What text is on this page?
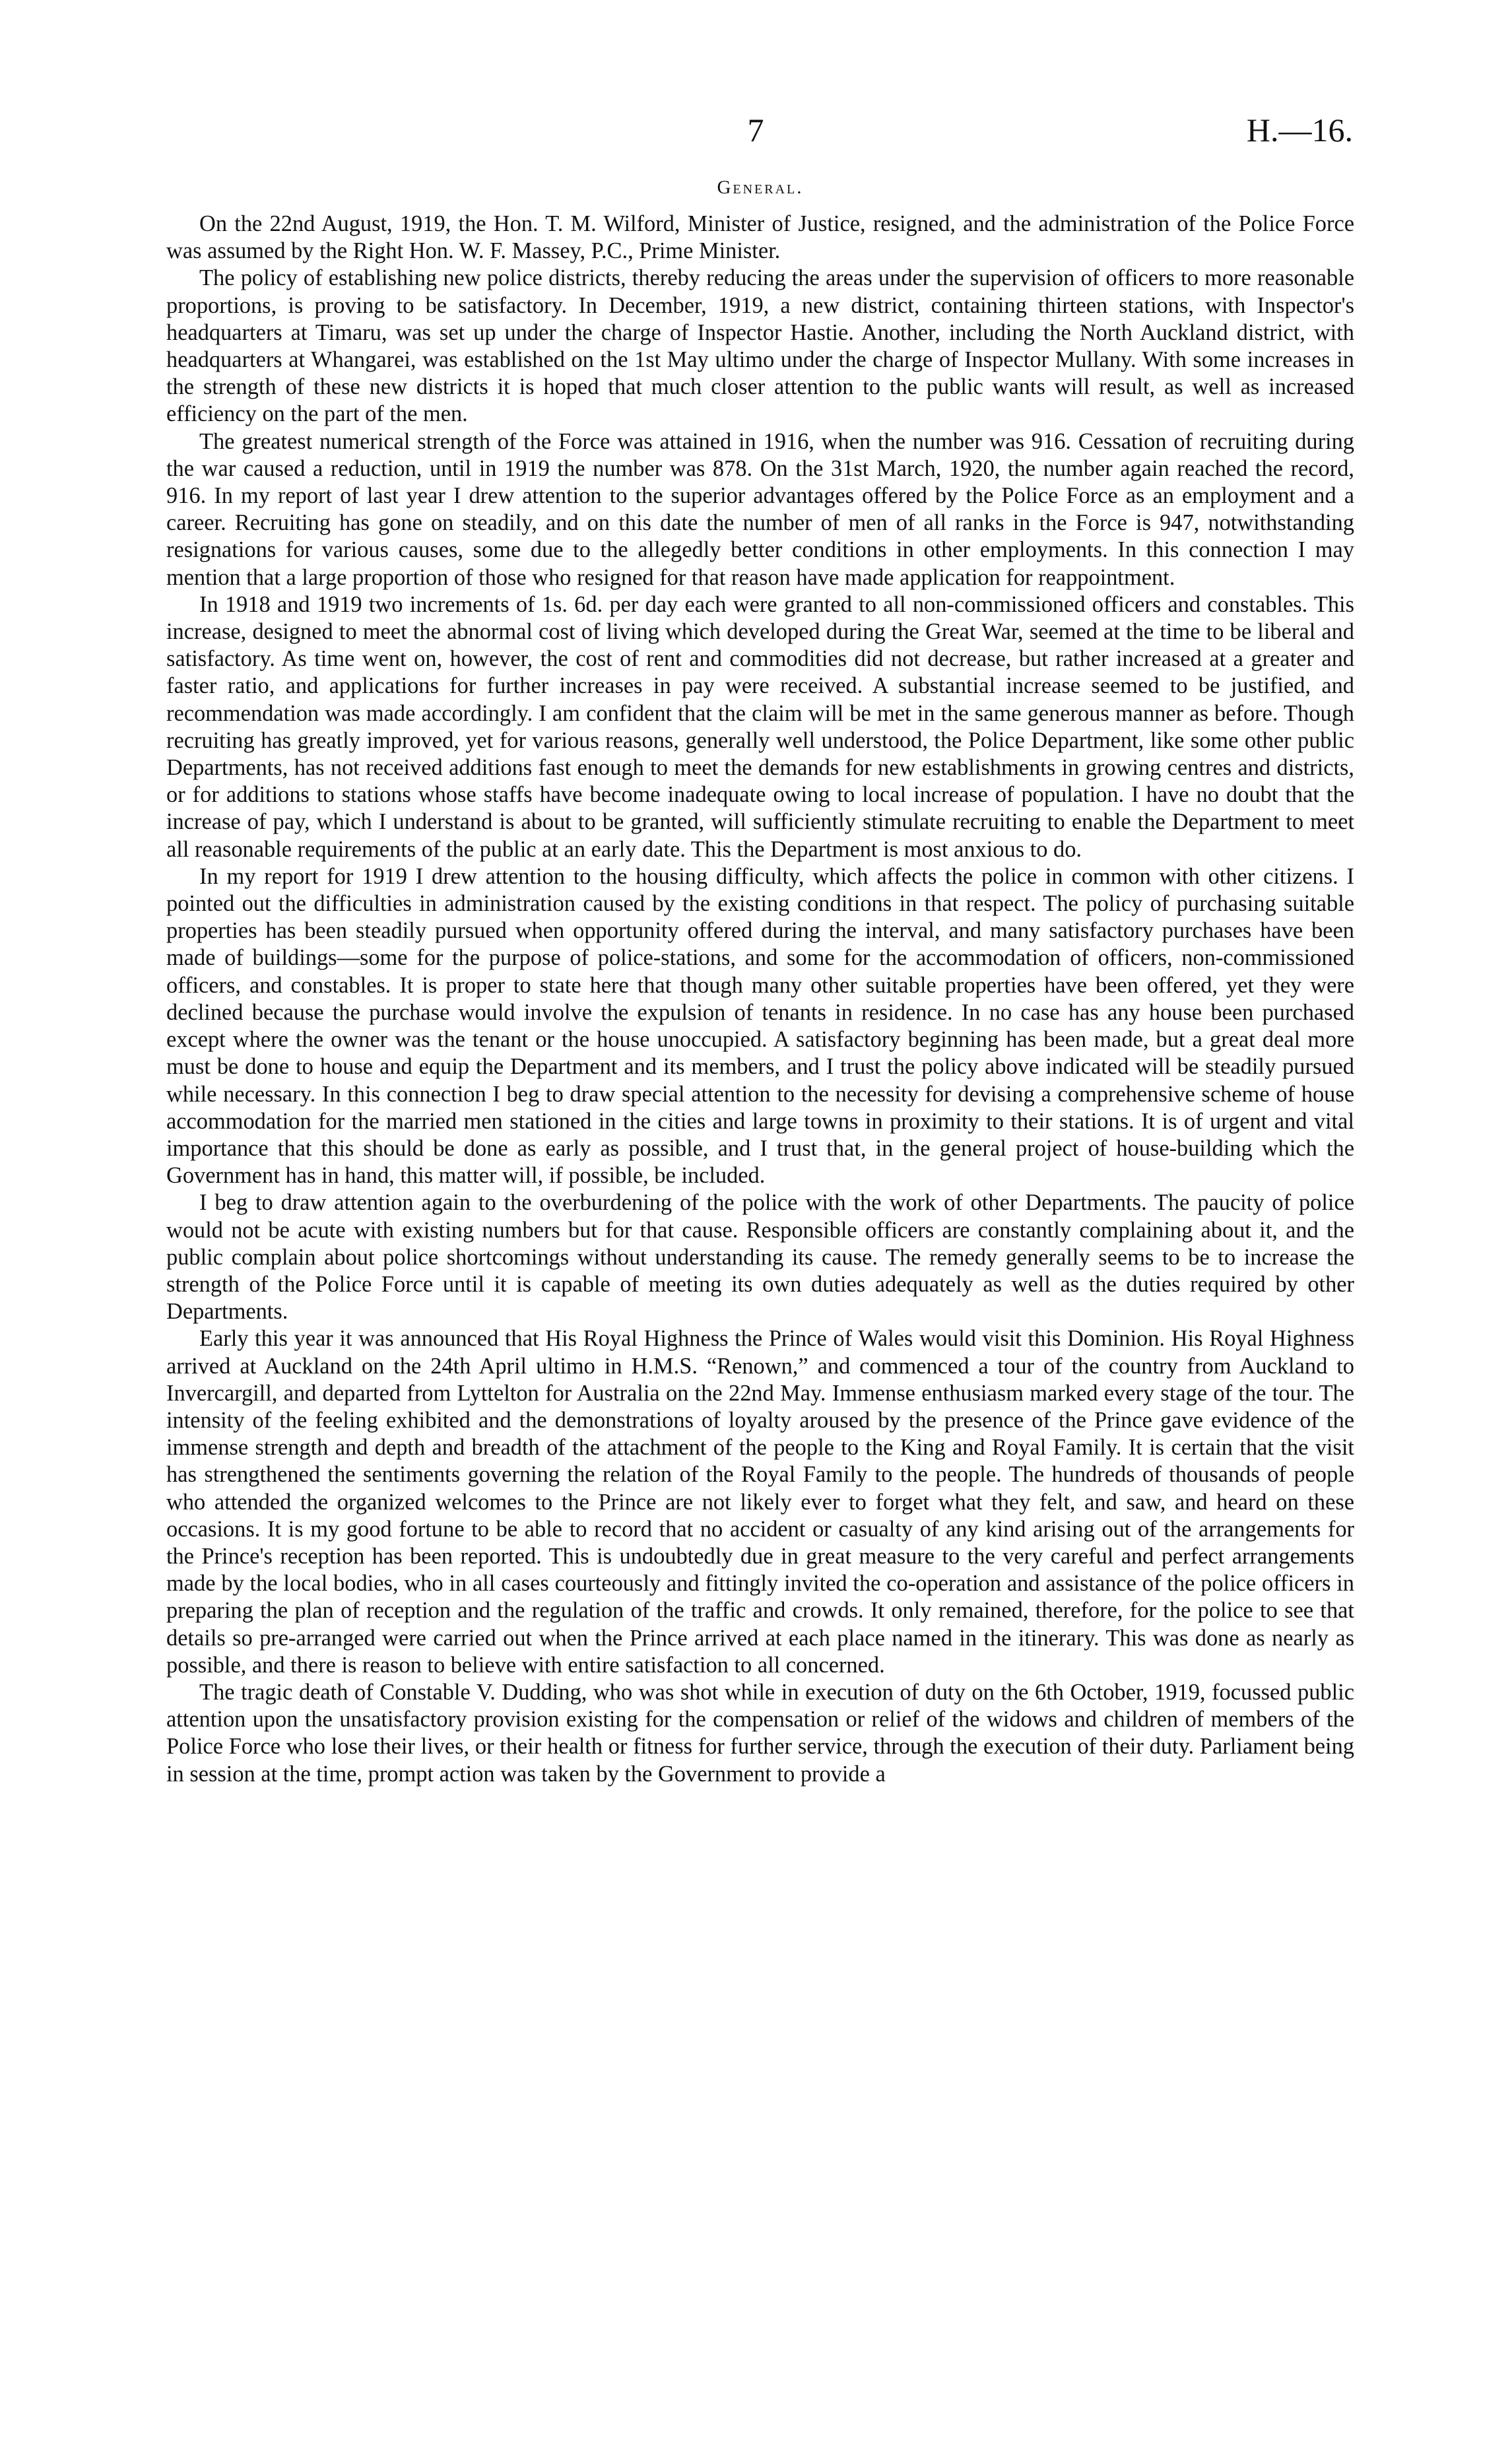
7	H.—16.
General.

On the 22nd August, 1919, the Hon. T. M. Wilford, Minister of Justice, resigned, and the administration of the Police Force was assumed by the Right Hon. W. F. Massey, P.C., Prime Minister.

The policy of establishing new police districts, thereby reducing the areas under the supervision of officers to more reasonable proportions, is proving to be satisfactory. In December, 1919, a new district, containing thirteen stations, with Inspector's headquarters at Timaru, was set up under the charge of Inspector Hastie. Another, including the North Auckland district, with headquarters at Whangarei, was established on the 1st May ultimo under the charge of Inspector Mullany. With some increases in the strength of these new districts it is hoped that much closer attention to the public wants will result, as well as increased efficiency on the part of the men.

The greatest numerical strength of the Force was attained in 1916, when the number was 916. Cessation of recruiting during the war caused a reduction, until in 1919 the number was 878. On the 31st March, 1920, the number again reached the record, 916. In my report of last year I drew attention to the superior advantages offered by the Police Force as an employment and a career. Recruiting has gone on steadily, and on this date the number of men of all ranks in the Force is 947, notwithstanding resignations for various causes, some due to the allegedly better conditions in other employments. In this connection I may mention that a large proportion of those who resigned for that reason have made application for reappointment.

In 1918 and 1919 two increments of 1s. 6d. per day each were granted to all non-commissioned officers and constables. This increase, designed to meet the abnormal cost of living which developed during the Great War, seemed at the time to be liberal and satisfactory. As time went on, however, the cost of rent and commodities did not decrease, but rather increased at a greater and faster ratio, and applications for further increases in pay were received. A substantial increase seemed to be justified, and recommendation was made accordingly. I am confident that the claim will be met in the same generous manner as before. Though recruiting has greatly improved, yet for various reasons, generally well understood, the Police Department, like some other public Departments, has not received additions fast enough to meet the demands for new establishments in growing centres and districts, or for additions to stations whose staffs have become inadequate owing to local increase of population. I have no doubt that the increase of pay, which I understand is about to be granted, will sufficiently stimulate recruiting to enable the Department to meet all reasonable requirements of the public at an early date. This the Department is most anxious to do.

In my report for 1919 I drew attention to the housing difficulty, which affects the police in common with other citizens. I pointed out the difficulties in administration caused by the existing conditions in that respect. The policy of purchasing suitable properties has been steadily pursued when opportunity offered during the interval, and many satisfactory purchases have been made of buildings—some for the purpose of police-stations, and some for the accommodation of officers, non-commissioned officers, and constables. It is proper to state here that though many other suitable properties have been offered, yet they were declined because the purchase would involve the expulsion of tenants in residence. In no case has any house been purchased except where the owner was the tenant or the house unoccupied. A satisfactory beginning has been made, but a great deal more must be done to house and equip the Department and its members, and I trust the policy above indicated will be steadily pursued while necessary. In this connection I beg to draw special attention to the necessity for devising a comprehensive scheme of house accommodation for the married men stationed in the cities and large towns in proximity to their stations. It is of urgent and vital importance that this should be done as early as possible, and I trust that, in the general project of house-building which the Government has in hand, this matter will, if possible, be included.

I beg to draw attention again to the overburdening of the police with the work of other Departments. The paucity of police would not be acute with existing numbers but for that cause. Responsible officers are constantly complaining about it, and the public complain about police shortcomings without understanding its cause. The remedy generally seems to be to increase the strength of the Police Force until it is capable of meeting its own duties adequately as well as the duties required by other Departments.

Early this year it was announced that His Royal Highness the Prince of Wales would visit this Dominion. His Royal Highness arrived at Auckland on the 24th April ultimo in H.M.S. “Renown,” and commenced a tour of the country from Auckland to Invercargill, and departed from Lyttelton for Australia on the 22nd May. Immense enthusiasm marked every stage of the tour. The intensity of the feeling exhibited and the demonstrations of loyalty aroused by the presence of the Prince gave evidence of the immense strength and depth and breadth of the attachment of the people to the King and Royal Family. It is certain that the visit has strengthened the sentiments governing the relation of the Royal Family to the people. The hundreds of thousands of people who attended the organized welcomes to the Prince are not likely ever to forget what they felt, and saw, and heard on these occasions. It is my good fortune to be able to record that no accident or casualty of any kind arising out of the arrangements for the Prince's reception has been reported. This is undoubtedly due in great measure to the very careful and perfect arrangements made by the local bodies, who in all cases courteously and fittingly invited the co-operation and assistance of the police officers in preparing the plan of reception and the regulation of the traffic and crowds. It only remained, therefore, for the police to see that details so pre-arranged were carried out when the Prince arrived at each place named in the itinerary. This was done as nearly as possible, and there is reason to believe with entire satisfaction to all concerned.

The tragic death of Constable V. Dudding, who was shot while in execution of duty on the 6th October, 1919, focussed public attention upon the unsatisfactory provision existing for the compensation or relief of the widows and children of members of the Police Force who lose their lives, or their health or fitness for further service, through the execution of their duty. Parliament being in session at the time, prompt action was taken by the Government to provide a
